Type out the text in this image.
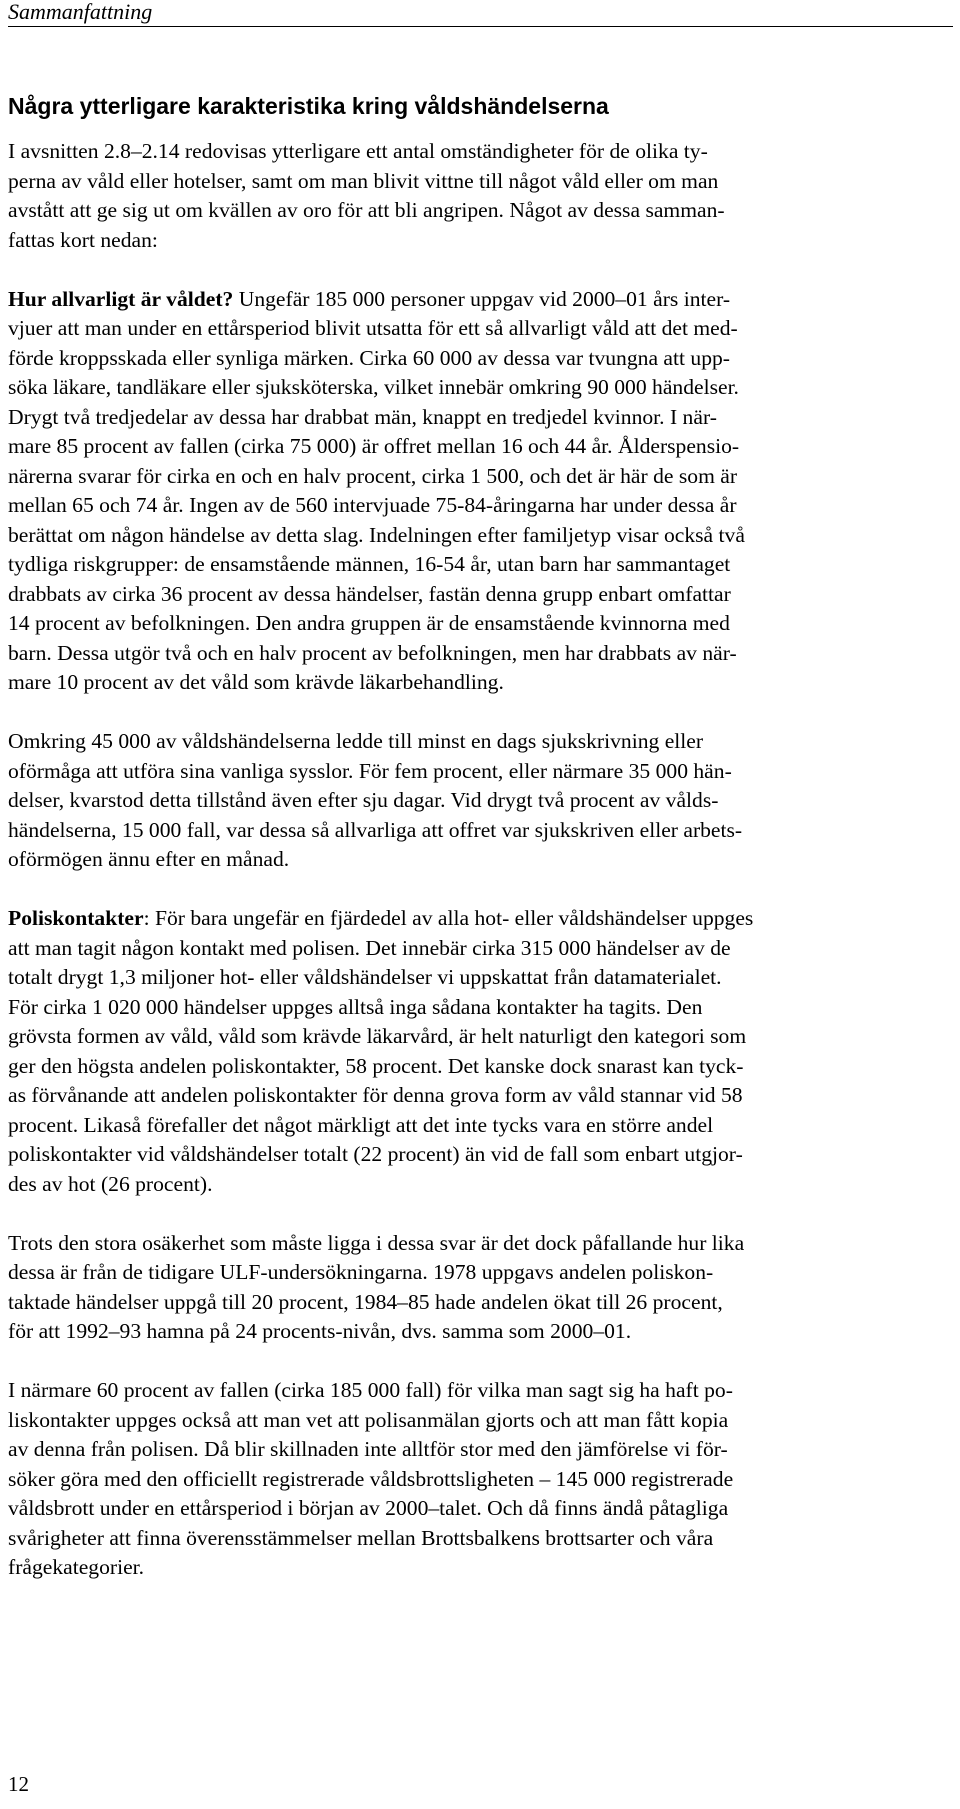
Sammanfattning
Några ytterligare karakteristika kring våldshändelserna

I avsnitten 2.8–2.14 redovisas ytterligare ett antal omständigheter för de olika ty-
perna av våld eller hotelser, samt om man blivit vittne till något våld eller om man
avstått att ge sig ut om kvällen av oro för att bli angripen. Något av dessa samman-
fattas kort nedan:

Hur allvarligt är våldet? Ungefär 185 000 personer uppgav vid 2000–01 års inter-
vjuer att man under en ettårsperiod blivit utsatta för ett så allvarligt våld att det med-
förde kroppsskada eller synliga märken. Cirka 60 000 av dessa var tvungna att upp-
söka läkare, tandläkare eller sjuksköterska, vilket innebär omkring 90 000 händelser.
Drygt två tredjedelar av dessa har drabbat män, knappt en tredjedel kvinnor. I när-
mare 85 procent av fallen (cirka 75 000) är offret mellan 16 och 44 år. Ålderspensio-
närerna svarar för cirka en och en halv procent, cirka 1 500, och det är här de som är
mellan 65 och 74 år. Ingen av de 560 intervjuade 75-84-åringarna har under dessa år
berättat om någon händelse av detta slag. Indelningen efter familjetyp visar också två
tydliga riskgrupper: de ensamstående männen, 16-54 år, utan barn har sammantaget
drabbats av cirka 36 procent av dessa händelser, fastän denna grupp enbart omfattar
14 procent av befolkningen. Den andra gruppen är de ensamstående kvinnorna med
barn. Dessa utgör två och en halv procent av befolkningen, men har drabbats av när-
mare 10 procent av det våld som krävde läkarbehandling.

Omkring 45 000 av våldshändelserna ledde till minst en dags sjukskrivning eller
oförmåga att utföra sina vanliga sysslor. För fem procent, eller närmare 35 000 hän-
delser, kvarstod detta tillstånd även efter sju dagar. Vid drygt två procent av vålds-
händelserna, 15 000 fall, var dessa så allvarliga att offret var sjukskriven eller arbets-
oförmögen ännu efter en månad.

Poliskontakter: För bara ungefär en fjärdedel av alla hot- eller våldshändelser uppges
att man tagit någon kontakt med polisen. Det innebär cirka 315 000 händelser av de
totalt drygt 1,3 miljoner hot- eller våldshändelser vi uppskattat från datamaterialet.
För cirka 1 020 000 händelser uppges alltså inga sådana kontakter ha tagits. Den
grövsta formen av våld, våld som krävde läkarvård, är helt naturligt den kategori som
ger den högsta andelen poliskontakter, 58 procent. Det kanske dock snarast kan tyck-
as förvånande att andelen poliskontakter för denna grova form av våld stannar vid 58
procent. Likaså förefaller det något märkligt att det inte tycks vara en större andel
poliskontakter vid våldshändelser totalt (22 procent) än vid de fall som enbart utgjor-
des av hot (26 procent).

Trots den stora osäkerhet som måste ligga i dessa svar är det dock påfallande hur lika
dessa är från de tidigare ULF-undersökningarna. 1978 uppgavs andelen poliskon-
taktade händelser uppgå till 20 procent, 1984–85 hade andelen ökat till 26 procent,
för att 1992–93 hamna på 24 procents-nivån, dvs. samma som 2000–01.

I närmare 60 procent av fallen (cirka 185 000 fall) för vilka man sagt sig ha haft po-
liskontakter uppges också att man vet att polisanmälan gjorts och att man fått kopia
av denna från polisen. Då blir skillnaden inte alltför stor med den jämförelse vi för-
söker göra med den officiellt registrerade våldsbrottsligheten – 145 000 registrerade
våldsbrott under en ettårsperiod i början av 2000–talet. Och då finns ändå påtagliga
svårigheter att finna överensstämmelser mellan Brottsbalkens brottsarter och våra
frågekategorier.

12
